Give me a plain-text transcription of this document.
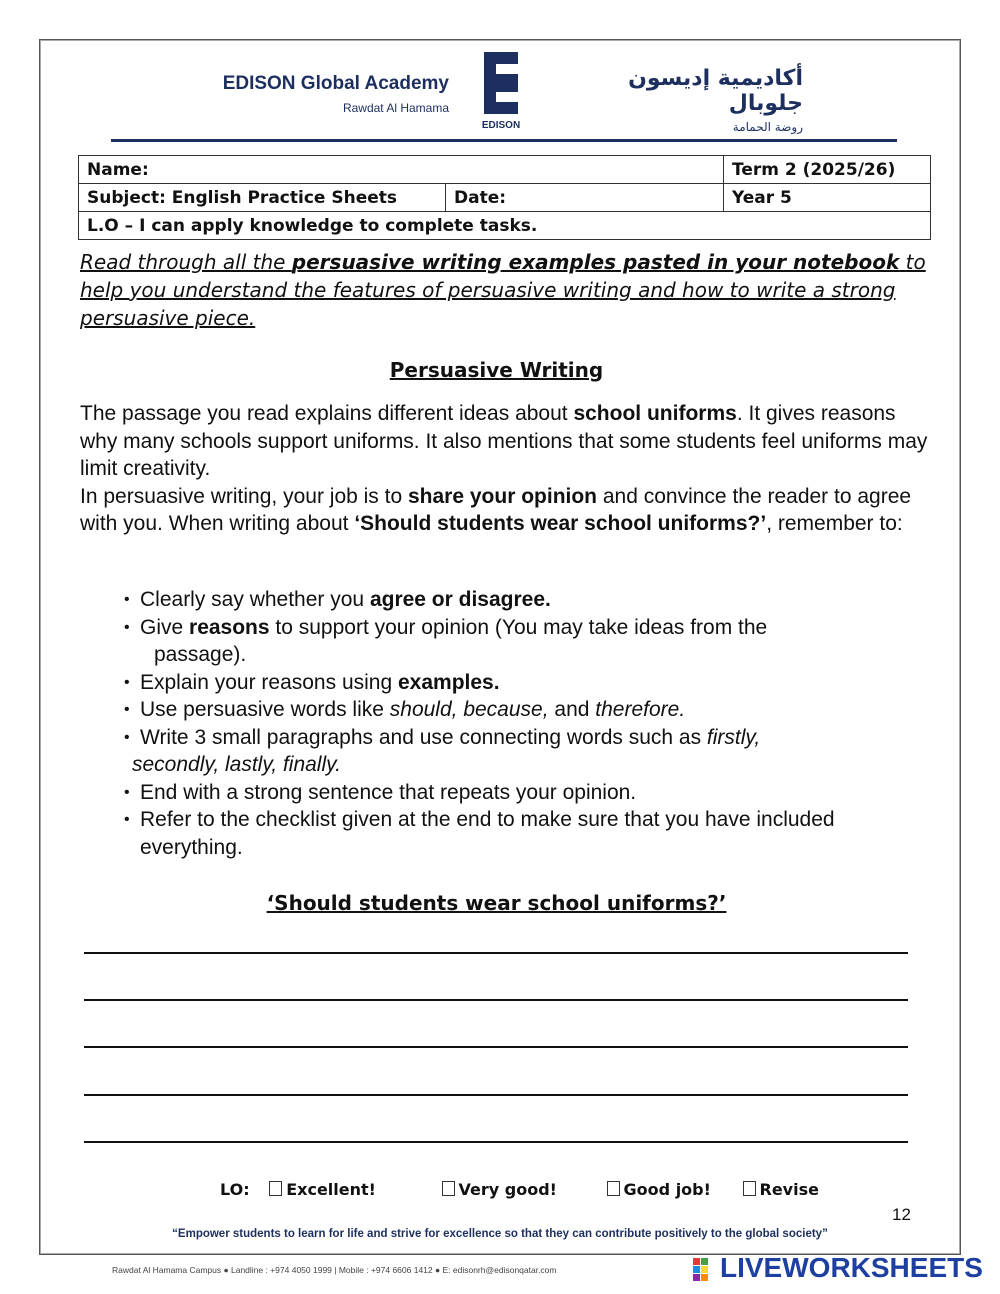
EDISON Global Academy
Rawdat Al Hamama
EDISON
أكاديمية إديسون جلوبال
روضة الحمامة
Name:		Term 2 (2025/26)
Subject: English Practice Sheets	Date:	Year 5
L.O – I can apply knowledge to complete tasks.		
Read through all the persuasive writing examples pasted in your notebook to help you understand the features of persuasive writing and how to write a strong persuasive piece.
Persuasive Writing

The passage you read explains different ideas about school uniforms. It gives reasons why many schools support uniforms. It also mentions that some students feel uniforms may limit creativity.

In persuasive writing, your job is to share your opinion and convince the reader to agree with you. When writing about ‘Should students wear school uniforms?’, remember to:

• Clearly say whether you agree or disagree.
• Give reasons to support your opinion (You may take ideas from the
passage).
• Explain your reasons using examples.
• Use persuasive words like should, because, and therefore.
• Write 3 small paragraphs and use connecting words such as firstly,
secondly, lastly, finally.
• End with a strong sentence that repeats your opinion.
• Refer to the checklist given at the end to make sure that you have included
everything.
‘Should students wear school uniforms?’
LO: Excellent!	Very good!	Good job!	Revise
12
“Empower students to learn for life and strive for excellence so that they can contribute positively to the global society”
Rawdat Al Hamama Campus ● Landline : +974 4050 1999 | Mobile : +974 6606 1412 ● E: edisonrh@edisonqatar.com	LIVEWORKSHEETS
